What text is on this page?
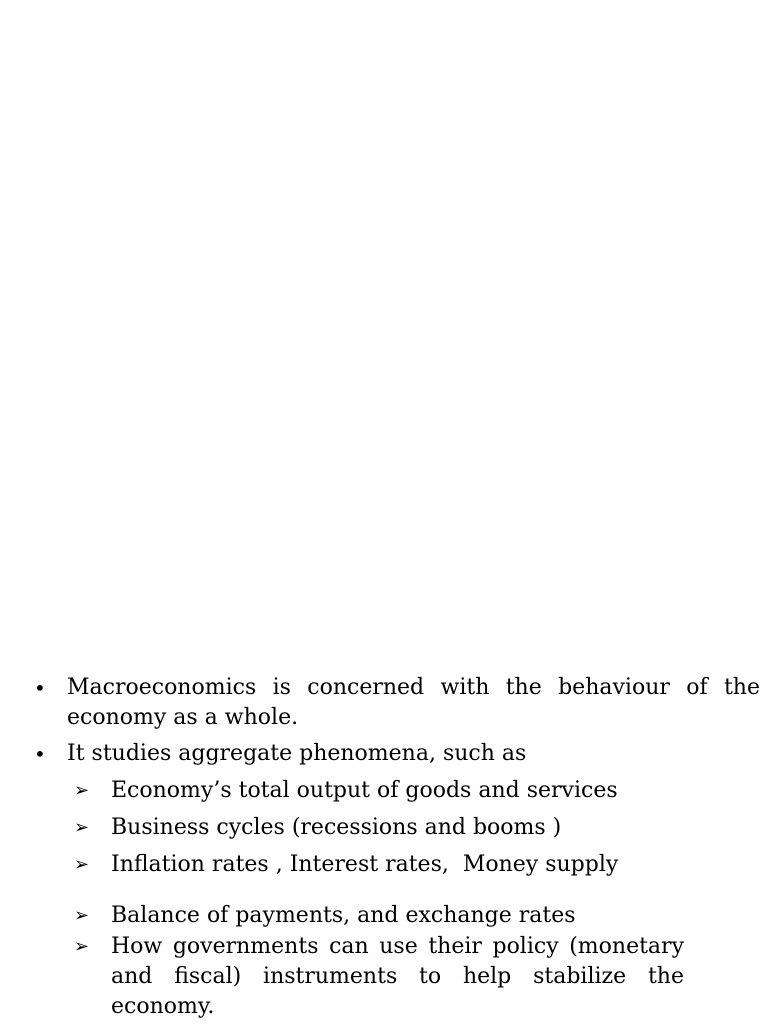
• Macroeconomics is concerned with the behaviour of the
economy as a whole.
• It studies aggregate phenomena, such as
➢ Economy’s total output of goods and services
➢ Business cycles (recessions and booms )
➢ Inflation rates , Interest rates,  Money supply
➢ Balance of payments, and exchange rates
➢ How governments can use their policy (monetary
and fiscal) instruments to help stabilize the
economy.
